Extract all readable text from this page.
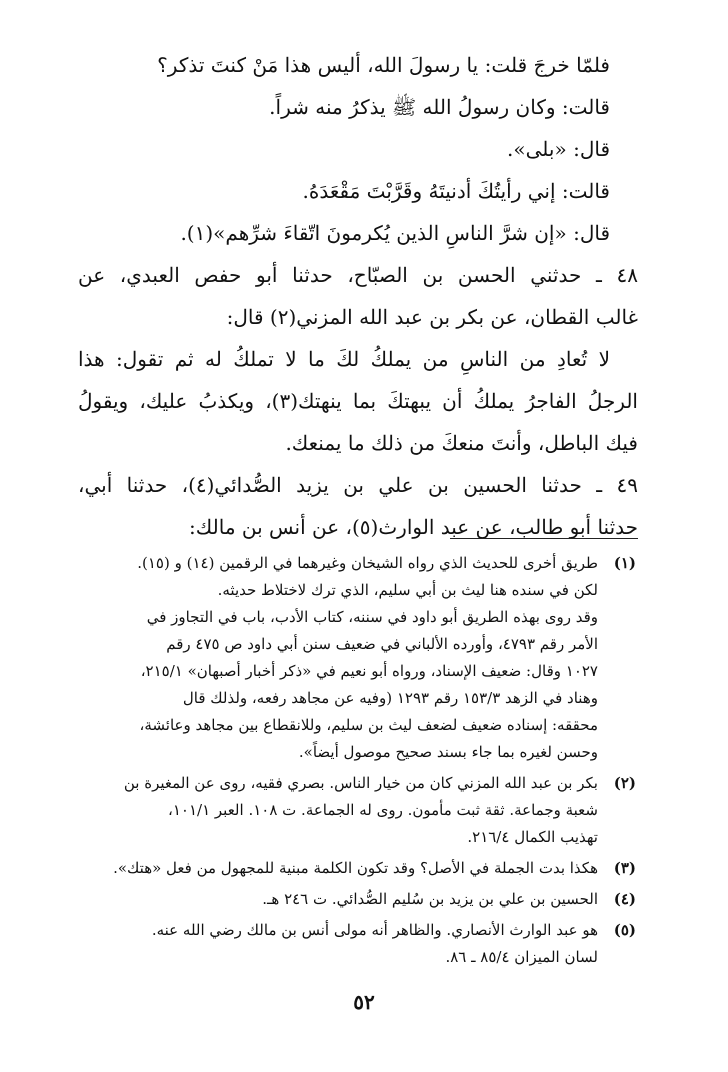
فلمّا خرجَ قلت: يا رسولَ الله، أليس هذا مَنْ كنتَ تذكر؟
قالت: وكان رسولُ الله ﷺ يذكرُ منه شراً.
قال: «بلى».
قالت: إني رأيتُكَ أدنيتَهُ وقَرَّبْتَ مَقْعَدَهُ.
قال: «إن شرَّ الناسِ الذين يُكرمونَ اتّقاءَ شرِّهم»(١).
٤٨ ـ حدثني الحسن بن الصبّاح، حدثنا أبو حفص العبدي، عن
غالب القطان، عن بكر بن عبد الله المزني(٢) قال:
لا تُعادِ من الناسِ من يملكُ لكَ ما لا تملكُ له ثم تقول: هذا
الرجلُ الفاجرُ يملكُ أن يبهتكَ بما ينهتك(٣)، ويكذبُ عليك، ويقولُ
فيك الباطل، وأنتَ منعكَ من ذلك ما يمنعك.
٤٩ ـ حدثنا الحسين بن علي بن يزيد الصُّدائي(٤)، حدثنا أبي،
حدثنا أبو طالب، عن عبد الوارث(٥)، عن أنس بن مالك:
(١)
طريق أخرى للحديث الذي رواه الشيخان وغيرهما في الرقمين (١٤) و (١٥).
لكن في سنده هنا ليث بن أبي سليم، الذي ترك لاختلاط حديثه.
وقد روى بهذه الطريق أبو داود في سننه، كتاب الأدب، باب في التجاوز في
الأمر رقم ٤٧٩٣، وأورده الألباني في ضعيف سنن أبي داود ص ٤٧٥ رقم
١٠٢٧ وقال: ضعيف الإسناد، ورواه أبو نعيم في «ذكر أخبار أصبهان» ٢١٥/١،
وهناد في الزهد ١٥٣/٣ رقم ١٢٩٣ (وفيه عن مجاهد رفعه، ولذلك قال
محققه: إسناده ضعيف لضعف ليث بن سليم، وللانقطاع بين مجاهد وعائشة،
وحسن لغيره بما جاء بسند صحيح موصول أيضاً».
(٢)
بكر بن عبد الله المزني كان من خيار الناس. بصري فقيه، روى عن المغيرة بن
شعبة وجماعة. ثقة ثبت مأمون. روى له الجماعة. ت ١٠٨. العبر ١٠١/١،
تهذيب الكمال ٢١٦/٤.
(٣)
هكذا بدت الجملة في الأصل؟ وقد تكون الكلمة مبنية للمجهول من فعل «هتك».
(٤)
الحسين بن علي بن يزيد بن سُليم الصُّدائي. ت ٢٤٦ هـ.
(٥)
هو عبد الوارث الأنصاري. والظاهر أنه مولى أنس بن مالك رضي الله عنه.
لسان الميزان ٨٥/٤ ـ ٨٦.
٥٢
